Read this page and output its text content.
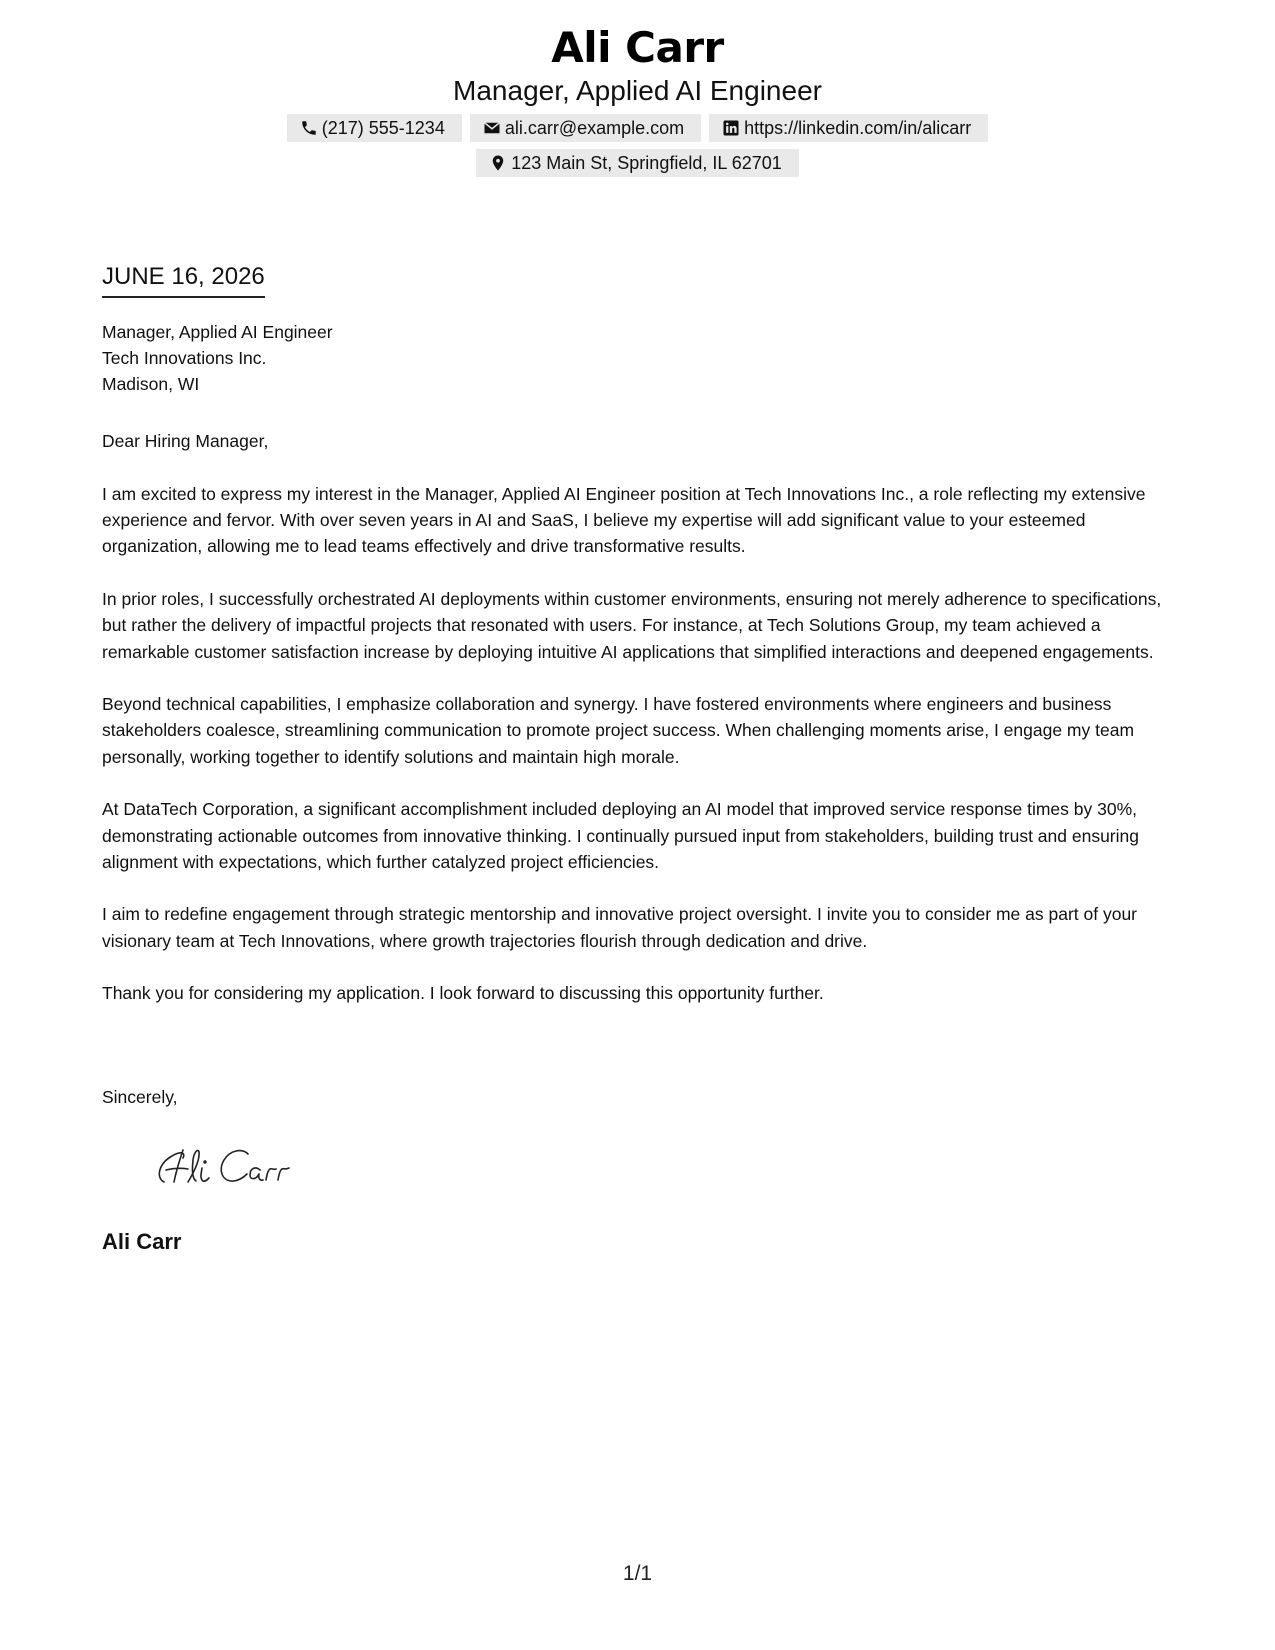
Ali Carr
Manager, Applied AI Engineer
(217) 555-1234	ali.carr@example.com	https://linkedin.com/in/alicarr
123 Main St, Springfield, IL 62701
JUNE 16, 2026
Manager, Applied AI Engineer
Tech Innovations Inc.
Madison, WI
Dear Hiring Manager,

I am excited to express my interest in the Manager, Applied AI Engineer position at Tech Innovations Inc., a role reflecting my extensive experience and fervor. With over seven years in AI and SaaS, I believe my expertise will add significant value to your esteemed organization, allowing me to lead teams effectively and drive transformative results.

In prior roles, I successfully orchestrated AI deployments within customer environments, ensuring not merely adherence to specifications, but rather the delivery of impactful projects that resonated with users. For instance, at Tech Solutions Group, my team achieved a remarkable customer satisfaction increase by deploying intuitive AI applications that simplified interactions and deepened engagements.

Beyond technical capabilities, I emphasize collaboration and synergy. I have fostered environments where engineers and business stakeholders coalesce, streamlining communication to promote project success. When challenging moments arise, I engage my team personally, working together to identify solutions and maintain high morale.

At DataTech Corporation, a significant accomplishment included deploying an AI model that improved service response times by 30%, demonstrating actionable outcomes from innovative thinking. I continually pursued input from stakeholders, building trust and ensuring alignment with expectations, which further catalyzed project efficiencies.

I aim to redefine engagement through strategic mentorship and innovative project oversight. I invite you to consider me as part of your visionary team at Tech Innovations, where growth trajectories flourish through dedication and drive.

Thank you for considering my application. I look forward to discussing this opportunity further.

Sincerely,
Ali Carr
1/1
